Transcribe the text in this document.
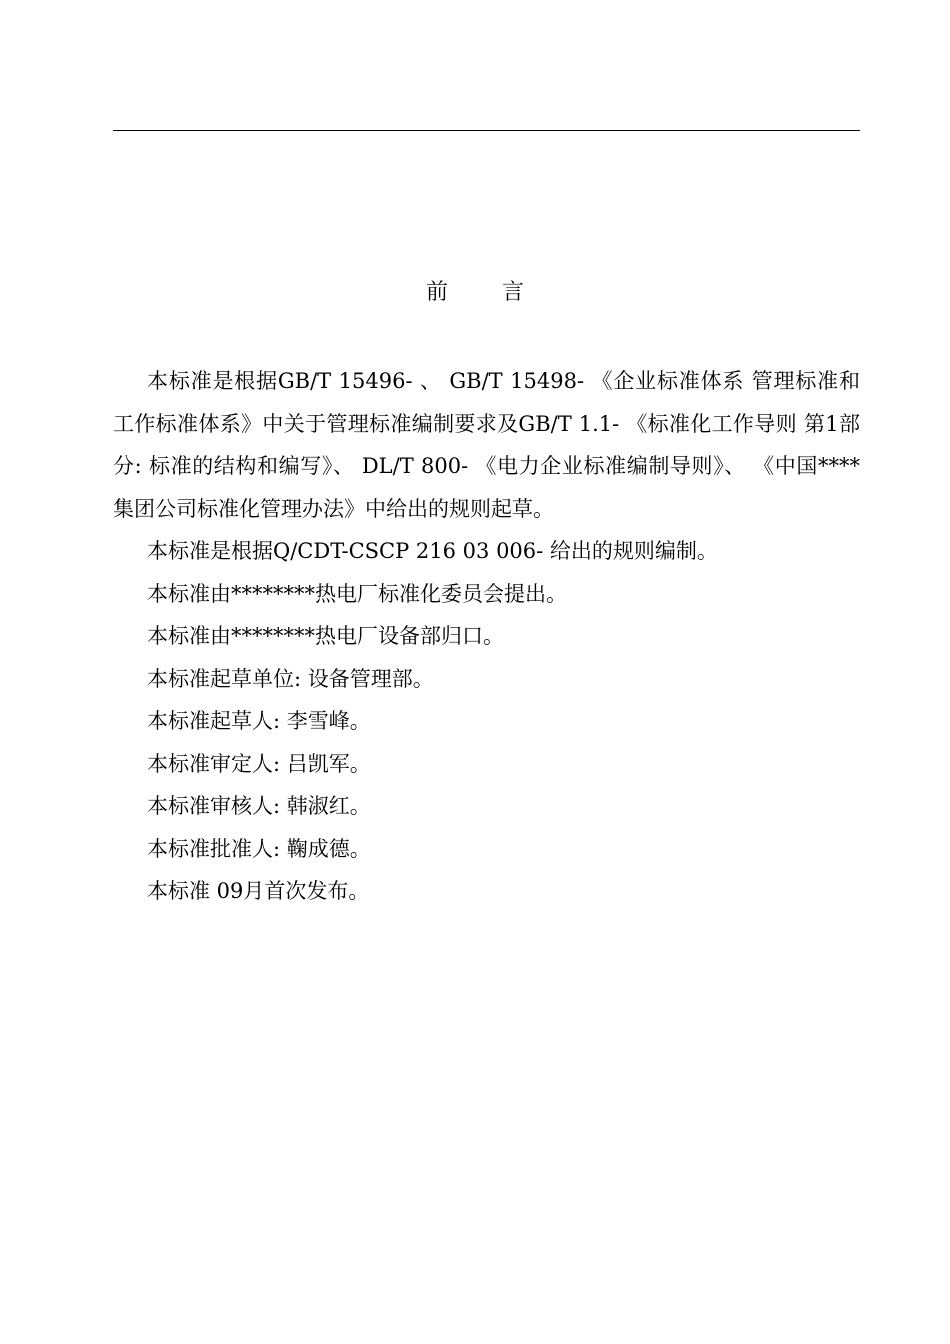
前 言

本标准是根据GB/T 15496- 、 GB/T 15498- 《企业标准体系 管理标准和工作标准体系》中关于管理标准编制要求及GB/T 1.1- 《标准化工作导则 第1部分: 标准的结构和编写》、 DL/T 800- 《电力企业标准编制导则》、 《中国****集团公司标准化管理办法》中给出的规则起草。

本标准是根据Q/CDT-CSCP 216 03 006- 给出的规则编制。

本标准由********热电厂标准化委员会提出。

本标准由********热电厂设备部归口。

本标准起草单位: 设备管理部。

本标准起草人: 李雪峰。

本标准审定人: 吕凯军。

本标准审核人: 韩淑红。

本标准批准人: 鞠成德。

本标准 09月首次发布。
